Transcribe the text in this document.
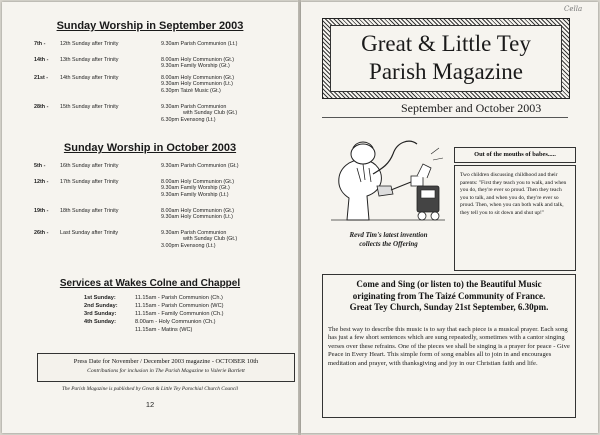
Sunday Worship in September 2003
7th -	12th Sunday after Trinity	9.30am Parish Communion (Lt.)
14th - 13th Sunday after Trinity	8.00am Holy Communion (Gt.)
9.30am Family Worship (Gt.)
21st - 14th Sunday after Trinity	8.00am Holy Communion (Gt.)
9.30am Holy Communion (Lt.)
6.30pm Taizé Music (Gt.)
28th - 15th Sunday after Trinity	9.30am Parish Communion
with Sunday Club (Gt.)
6.30pm Evensong (Lt.)
Sunday Worship in October 2003
5th -	16th Sunday after Trinity	9.30am Parish Communion (Gt.)
12th - 17th Sunday after Trinity	8.00am Holy Communion (Gt.)
9.30am Family Worship (Gt.)
9.30am Family Worship (Lt.)
19th - 18th Sunday after Trinity	8.00am Holy Communion (Gt.)
9.30am Holy Communion (Lt.)
26th - Last Sunday after Trinity	9.30am Parish Communion
with Sunday Club (Gt.)
3.00pm Evensong (Lt.)
Services at Wakes Colne and Chappel
1st Sunday:	11.15am - Parish Communion (Ch.)
2nd Sunday:	11.15am - Parish Communion (WC)
3rd Sunday:	11.15am - Family Communion (Ch.)
4th Sunday:	8.00am - Holy Communion (Ch.)
11.15am - Matins (WC)
Press Date for November / December 2003 magazine - OCTOBER 10th
Contributions for inclusion in The Parish Magazine to Valerie Bartlett
The Parish Magazine is published by Great & Little Tey Parochial Church Council
12
Cella
Great & Little Tey
Parish Magazine
September and October 2003
Revd Tim's latest invention
collects the Offering
Out of the mouths of babes.....
Two children discussing childhood and their parents: "First they teach you to walk, and when you do, they're ever so proud. Then they teach you to talk, and when you do, they're ever so proud. Then, when you can both walk and talk, they tell you to sit down and shut up!"
Come and Sing (or listen to) the Beautiful Music
originating from The Taizé Community of France.
Great Tey Church, Sunday 21st September, 6.30pm.

The best way to describe this music is to say that each piece is a musical prayer. Each song has just a few short sentences which are sung repeatedly, sometimes with a cantor singing verses over these refrains. One of the pieces we shall be singing is a prayer for peace - Give Peace in Every Heart. This simple form of song enables all to join in and encourages meditation and prayer, with thanksgiving and joy in our Christian faith and life.
